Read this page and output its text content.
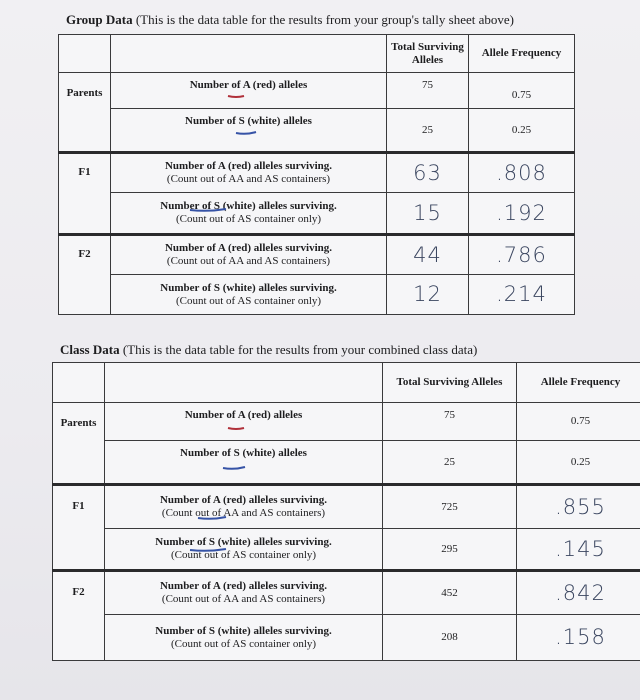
Group Data (This is the data table for the results from your group's tally sheet above)
		Total Surviving Alleles	Allele Frequency
Parents	Number of A (red) alleles	75	0.75
	Number of S (white) alleles	25	0.25
F1	Number of A (red) alleles surviving.
(Count out of AA and AS containers)	63	.808
	Number of S (white) alleles surviving.
(Count out of AS container only)	15	.192
F2	Number of A (red) alleles surviving.
(Count out of AA and AS containers)	44	.786
	Number of S (white) alleles surviving.
(Count out of AS container only)	12	.214
Class Data (This is the data table for the results from your combined class data)
		Total Surviving Alleles	Allele Frequency
Parents	Number of A (red) alleles	75	0.75
	Number of S (white) alleles	25	0.25
F1	Number of A (red) alleles surviving.
(Count out of AA and AS containers)	725	.855
	Number of S (white) alleles surviving.
(Count out of AS container only)	295	.145
F2	Number of A (red) alleles surviving.
(Count out of AA and AS containers)	452	.842
	Number of S (white) alleles surviving.
(Count out of AS container only)	208	.158
